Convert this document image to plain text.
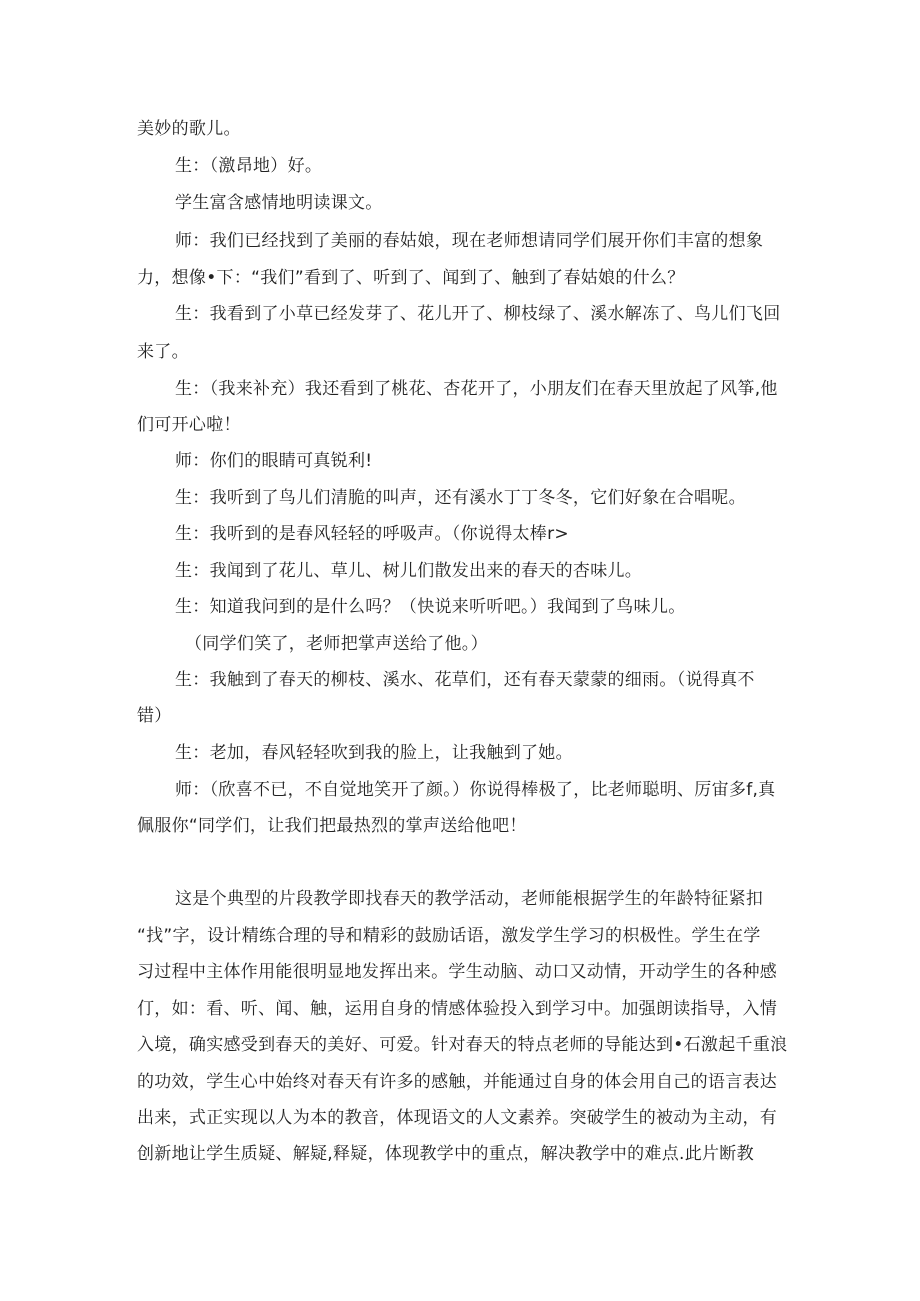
美妙的歌儿。
生：（激昂地）好。
学生富含感情地明读课文。
师：我们已经找到了美丽的春姑娘，现在老师想请同学们展开你们丰富的想象
力，想像•下：“我们”看到了、听到了、闻到了、触到了春姑娘的什么？
生：我看到了小草已经发芽了、花儿开了、柳枝绿了、溪水解冻了、鸟儿们飞回
来了。
生：（我来补充）我还看到了桃花、杏花开了，小朋友们在春天里放起了风筝,他
们可开心啦！
师：你们的眼睛可真锐利!
生：我听到了鸟儿们清脆的叫声，还有溪水丁丁冬冬，它们好象在合唱呢。
生：我听到的是春风轻轻的呼吸声。（你说得太棒r>
生：我闻到了花儿、草儿、树儿们散发出来的春天的杏味儿。
生：知道我问到的是什么吗？（快说来听听吧。）我闻到了鸟味儿。
（同学们笑了，老师把掌声送给了他。）
生：我触到了春天的柳枝、溪水、花草们，还有春天蒙蒙的细雨。（说得真不
错）
生：老加，春风轻轻吹到我的脸上，让我触到了她。
师：（欣喜不已，不自觉地笑开了颜。）你说得棒极了，比老师聪明、厉宙多f,真
佩服你“同学们，让我们把最热烈的掌声送给他吧！
这是个典型的片段教学即找春天的教学活动，老师能根据学生的年龄特征紧扣
“找”字，设计精练合理的导和精彩的鼓励话语，激发学生学习的枳极性。学生在学
习过程中主体作用能很明显地发挥出来。学生动脑、动口又动情，开动学生的各种感
仃，如：看、听、闻、触，运用自身的情感体验投入到学习中。加强朗读指导，入情
入境，确实感受到春天的美好、可爱。针对春天的特点老师的导能达到•石激起千重浪
的功效，学生心中始终对春天有许多的感触，并能通过自身的体会用自己的语言表达
出来，式正实现以人为本的教音，体现语文的人文素养。突破学生的被动为主动，有
创新地让学生质疑、解疑,释疑，体现教学中的重点，解决教学中的难点.此片断教
